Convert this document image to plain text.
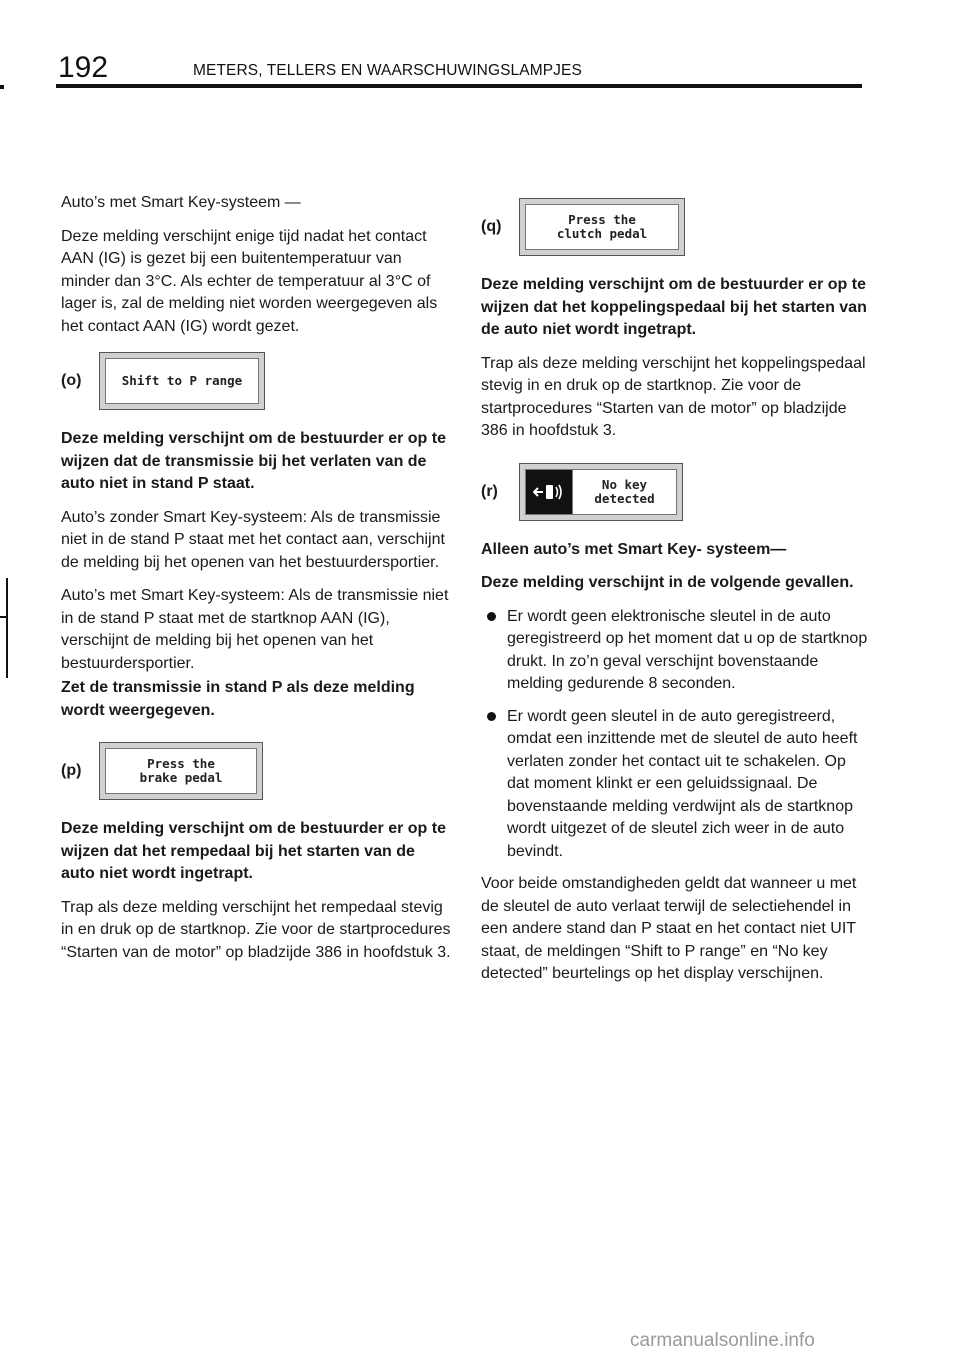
192	METERS, TELLERS EN WAARSCHUWINGSLAMPJES

Auto’s met Smart Key-systeem —

Deze melding verschijnt enige tijd nadat het contact AAN (IG) is gezet bij een buitentemperatuur van minder dan 3°C. Als echter de temperatuur al 3°C of lager is, zal de melding niet worden weergegeven als het contact AAN (IG) wordt gezet.

(o)	Shift to P range

Deze melding verschijnt om de bestuurder er op te wijzen dat de transmissie bij het verlaten van de auto niet in stand P staat.

Auto’s zonder Smart Key-systeem: Als de transmissie niet in de stand P staat met het contact aan, verschijnt de melding bij het openen van het bestuurdersportier.

Auto’s met Smart Key-systeem: Als de transmissie niet in de stand P staat met de startknop AAN (IG), verschijnt de melding bij het openen van het bestuurdersportier.

Zet de transmissie in stand P als deze melding wordt weergegeven.

(p)	Press the
brake pedal

Deze melding verschijnt om de bestuurder er op te wijzen dat het rempedaal bij het starten van de auto niet wordt ingetrapt.

Trap als deze melding verschijnt het rempedaal stevig in en druk op de startknop. Zie voor de startprocedures “Starten van de motor” op bladzijde 386 in hoofdstuk 3.

(q)	Press the
clutch pedal

Deze melding verschijnt om de bestuurder er op te wijzen dat het koppelingspedaal bij het starten van de auto niet wordt ingetrapt.

Trap als deze melding verschijnt het koppelingspedaal stevig in en druk op de startknop. Zie voor de startprocedures “Starten van de motor” op bladzijde 386 in hoofdstuk 3.

(r)	No key
detected

Alleen auto’s met Smart Key- systeem—

Deze melding verschijnt in de volgende gevallen.

Er wordt geen elektronische sleutel in de auto geregistreerd op het moment dat u op de startknop drukt. In zo’n geval verschijnt bovenstaande melding gedurende 8 seconden.
Er wordt geen sleutel in de auto geregistreerd, omdat een inzittende met de sleutel de auto heeft verlaten zonder het contact uit te schakelen. Op dat moment klinkt er een geluidssignaal. De bovenstaande melding verdwijnt als de startknop wordt uitgezet of de sleutel zich weer in de auto bevindt.

Voor beide omstandigheden geldt dat wanneer u met de sleutel de auto verlaat terwijl de selectiehendel in een andere stand dan P staat en het contact niet UIT staat, de meldingen “Shift to P range” en “No key detected” beurtelings op het display verschijnen.

carmanualsonline.info
